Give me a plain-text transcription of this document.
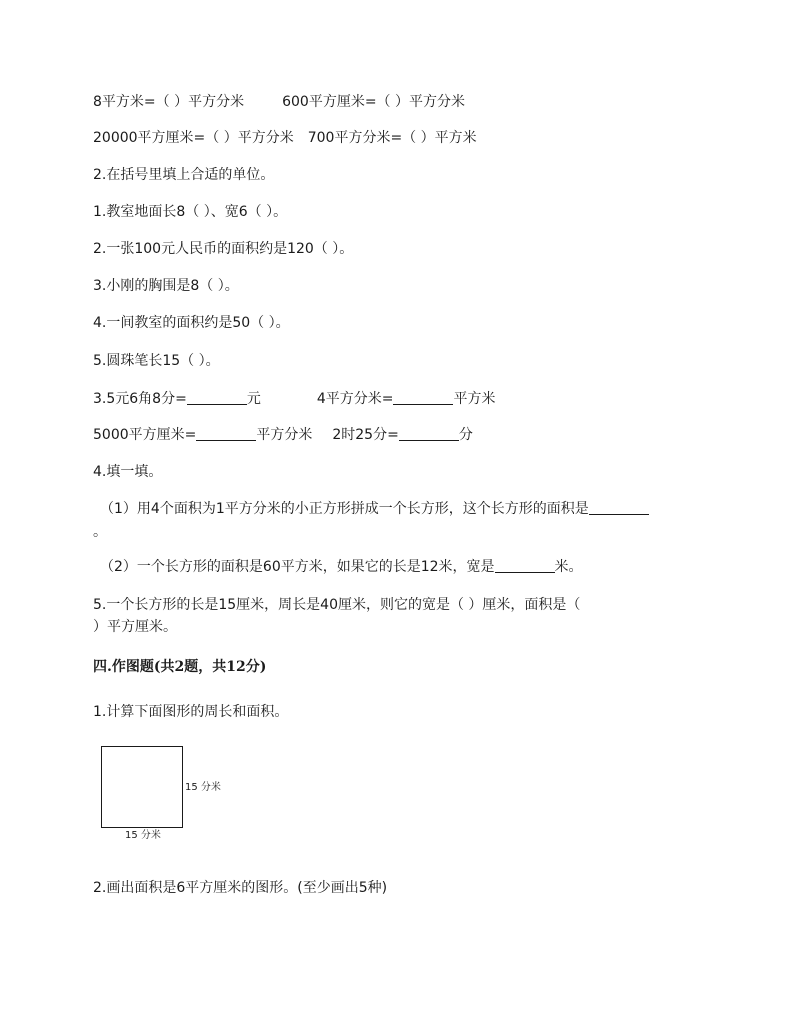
8平方米=（ ）平方分米	600平方厘米=（ ）平方分米
20000平方厘米=（ ）平方分米 700平方分米=（ ）平方米
2.在括号里填上合适的单位。
1.教室地面长8（ ）、宽6（ ）。
2.一张100元人民币的面积约是120（ ）。
3.小刚的胸围是8（ ）。
4.一间教室的面积约是50（ ）。
5.圆珠笔长15（ ）。
3.5元6角8分=	元	4平方分米=	平方米
5000平方厘米=	平方分米 2时25分=	分
4.填一填。
（1）用4个面积为1平方分米的小正方形拼成一个长方形，这个长方形的面积是
。
（2）一个长方形的面积是60平方米，如果它的长是12米，宽是	米。
5.一个长方形的长是15厘米，周长是40厘米，则它的宽是（ ）厘米，面积是（
）平方厘米。
四.作图题(共2题，共12分)
1.计算下面图形的周长和面积。
15 分米
15 分米
2.画出面积是6平方厘米的图形。(至少画出5种)
